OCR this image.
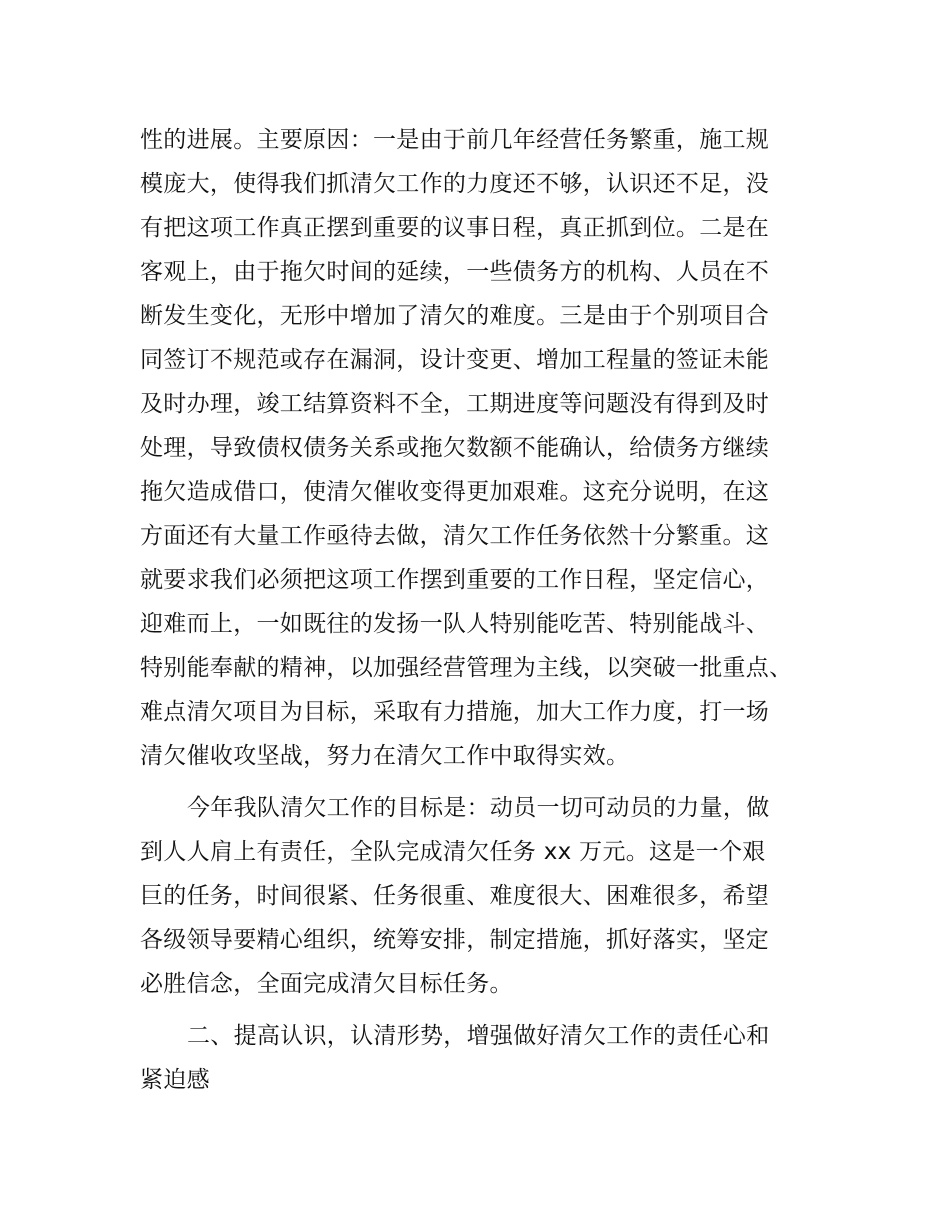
性的进展。主要原因：一是由于前几年经营任务繁重，施工规
模庞大，使得我们抓清欠工作的力度还不够，认识还不足，没
有把这项工作真正摆到重要的议事日程，真正抓到位。二是在
客观上，由于拖欠时间的延续，一些债务方的机构、人员在不
断发生变化，无形中增加了清欠的难度。三是由于个别项目合
同签订不规范或存在漏洞，设计变更、增加工程量的签证未能
及时办理，竣工结算资料不全，工期进度等问题没有得到及时
处理，导致债权债务关系或拖欠数额不能确认，给债务方继续
拖欠造成借口，使清欠催收变得更加艰难。这充分说明，在这
方面还有大量工作亟待去做，清欠工作任务依然十分繁重。这
就要求我们必须把这项工作摆到重要的工作日程，坚定信心，
迎难而上，一如既往的发扬一队人特别能吃苦、特别能战斗、
特别能奉献的精神，以加强经营管理为主线，以突破一批重点、
难点清欠项目为目标，采取有力措施，加大工作力度，打一场
清欠催收攻坚战，努力在清欠工作中取得实效。
今年我队清欠工作的目标是：动员一切可动员的力量，做
到人人肩上有责任，全队完成清欠任务 xx 万元。这是一个艰
巨的任务，时间很紧、任务很重、难度很大、困难很多，希望
各级领导要精心组织，统筹安排，制定措施，抓好落实，坚定
必胜信念，全面完成清欠目标任务。
二、提高认识，认清形势，增强做好清欠工作的责任心和
紧迫感
